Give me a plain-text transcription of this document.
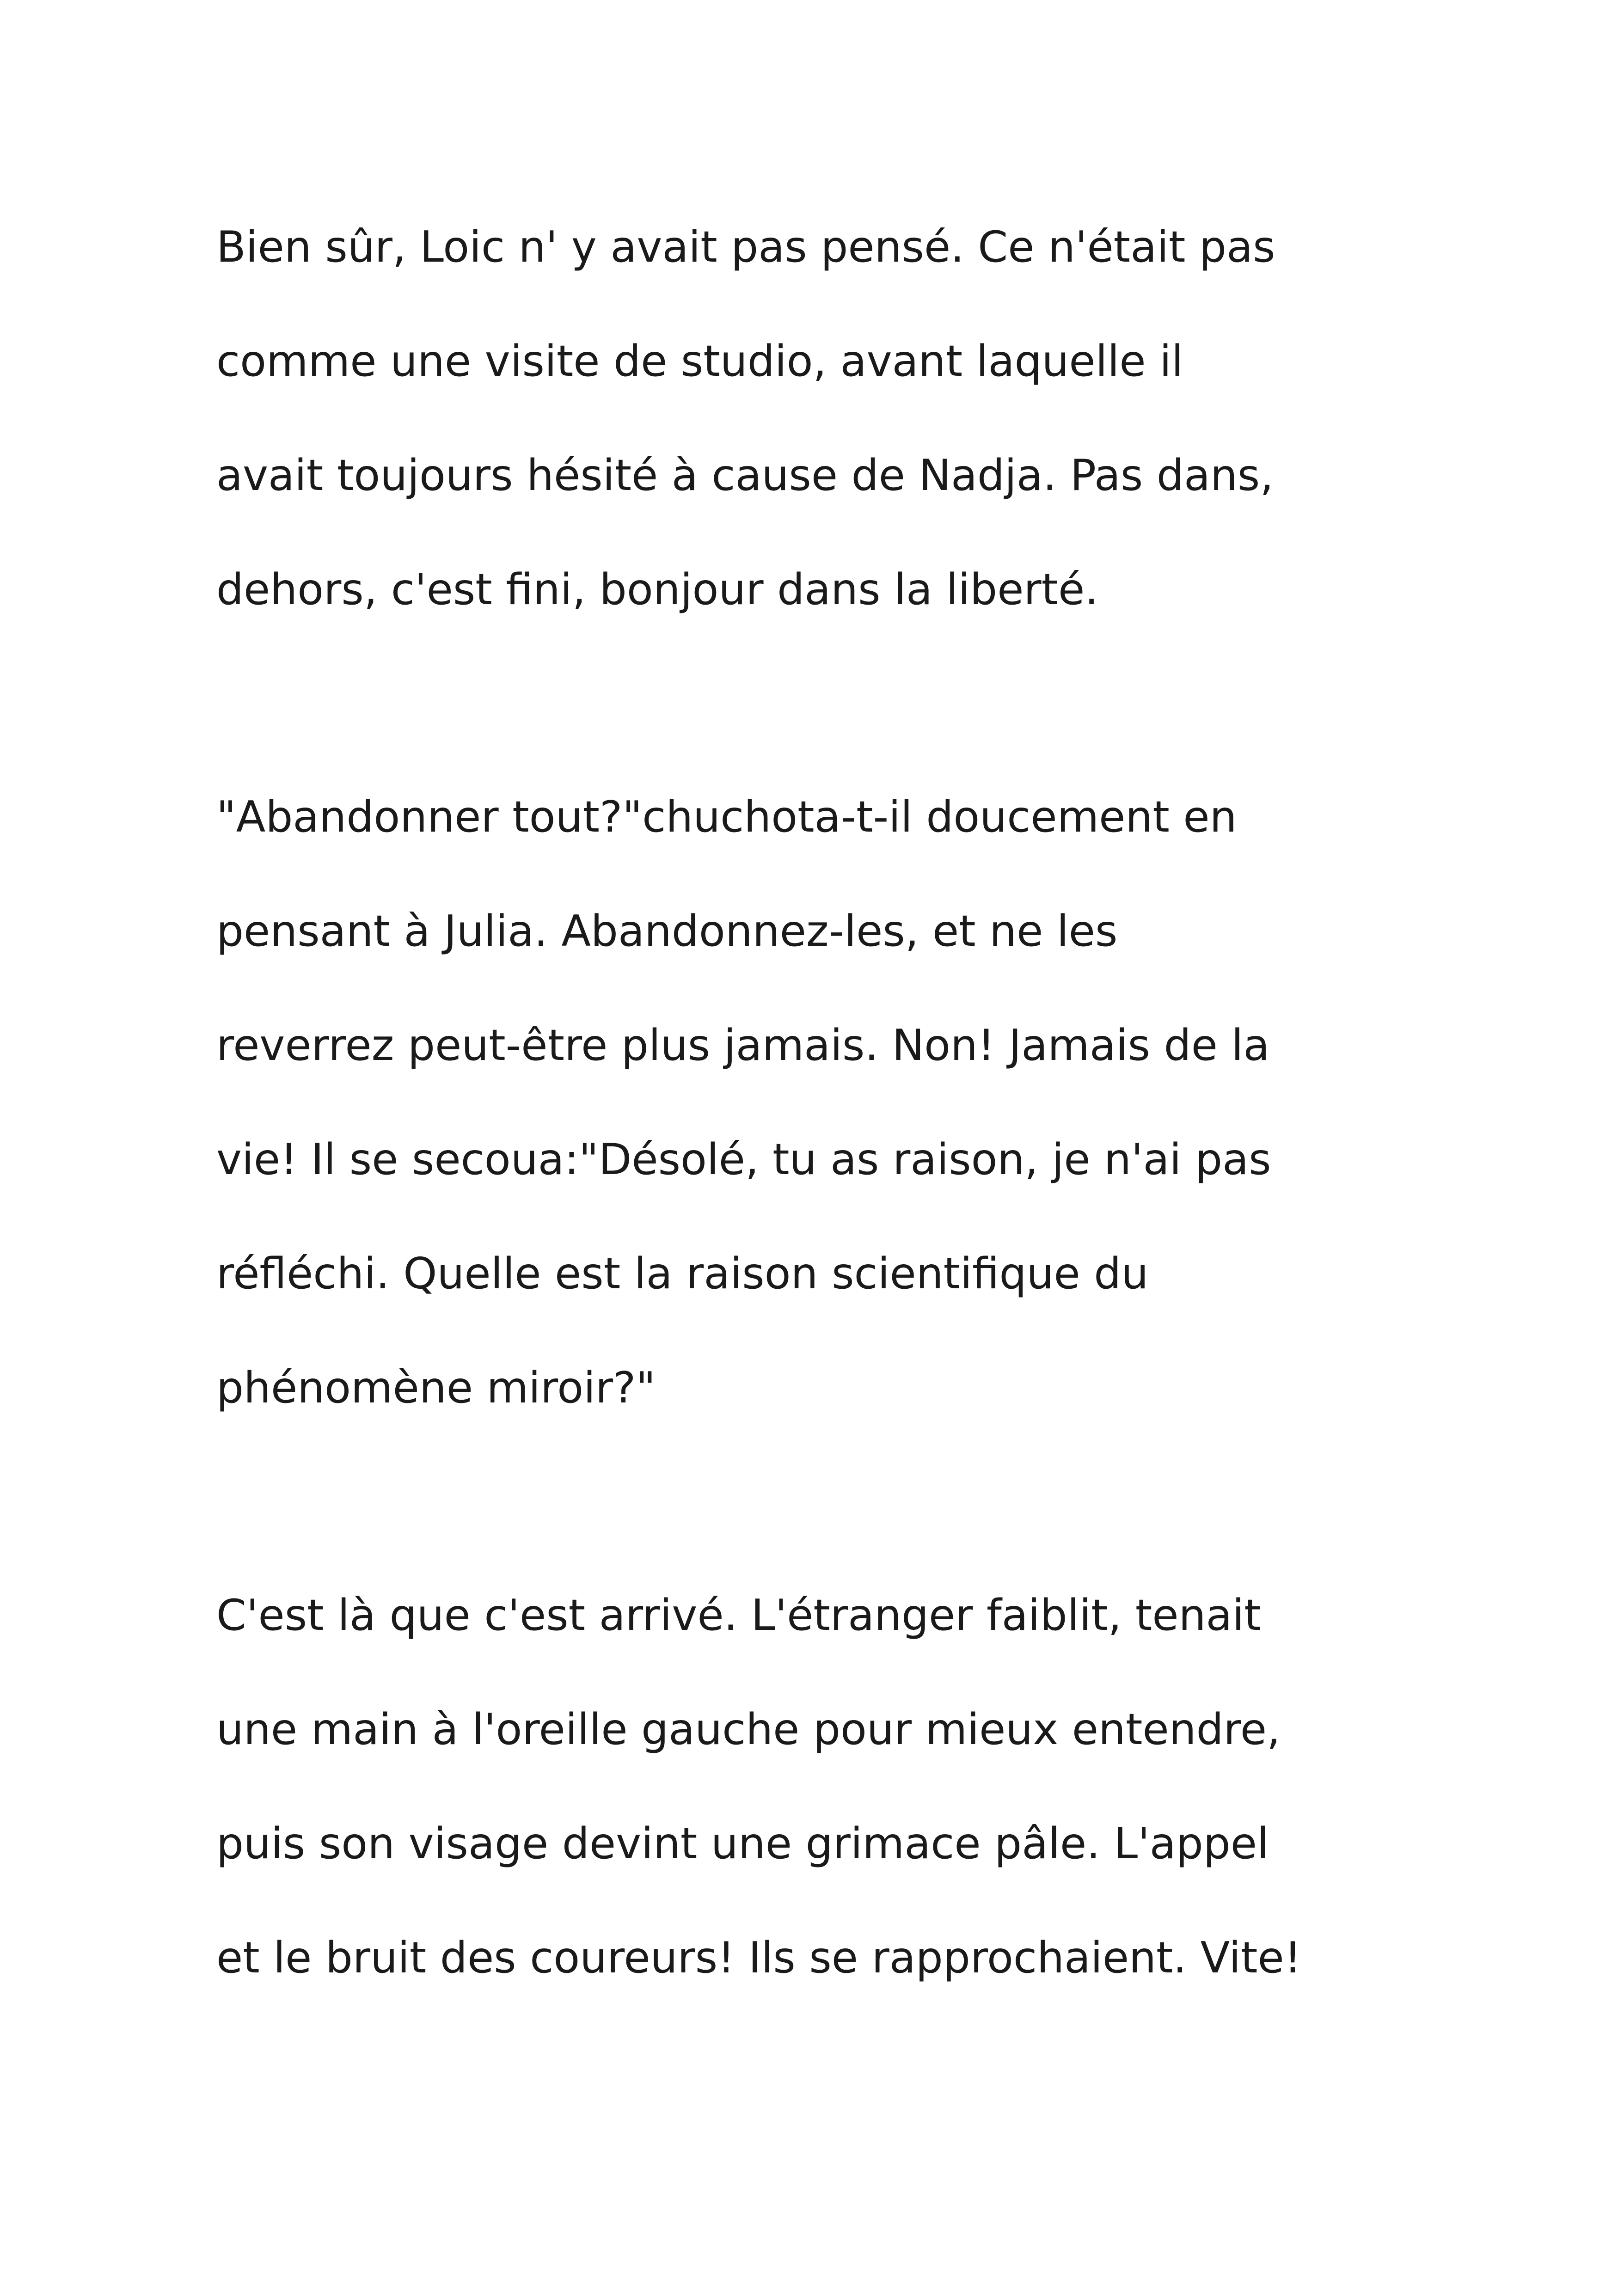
Bien sûr, Loic n' y avait pas pensé. Ce n'était pas

comme une visite de studio, avant laquelle il

avait toujours hésité à cause de Nadja. Pas dans,

dehors, c'est fini, bonjour dans la liberté.

"Abandonner tout?"chuchota-t-il doucement en

pensant à Julia. Abandonnez-les, et ne les

reverrez peut-être plus jamais. Non! Jamais de la

vie! Il se secoua:"Désolé, tu as raison, je n'ai pas

réfléchi. Quelle est la raison scientifique du

phénomène miroir?"

C'est là que c'est arrivé. L'étranger faiblit, tenait

une main à l'oreille gauche pour mieux entendre,

puis son visage devint une grimace pâle. L'appel

et le bruit des coureurs! Ils se rapprochaient. Vite!
